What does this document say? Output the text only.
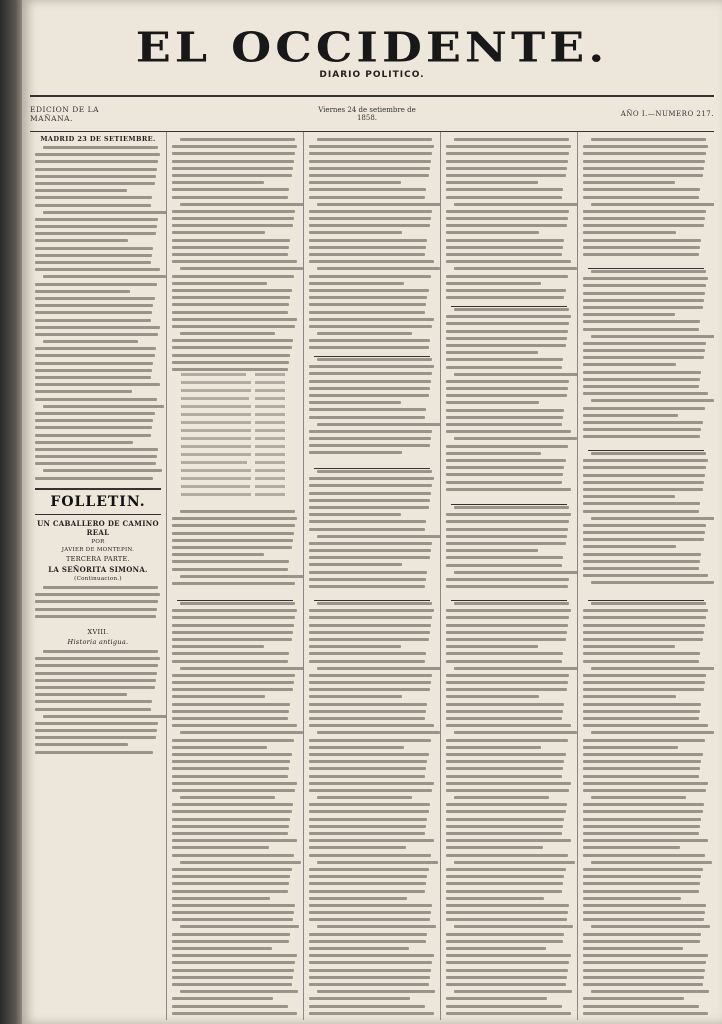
EL OCCIDENTE.
DIARIO POLITICO.
EDICION DE LA MAÑANA.
Viernes 24 de setiembre de 1858.	AÑO I.—NUMERO 217.
MADRID 23 DE SETIEMBRE.
FOLLETIN.
UN CABALLERO DE CAMINO REAL
POR
JAVIER DE MONTEPIN.
TERCERA PARTE.
LA SEÑORITA SIMONA.
(Continuacion.)
XVIII.
Historia antigua.
